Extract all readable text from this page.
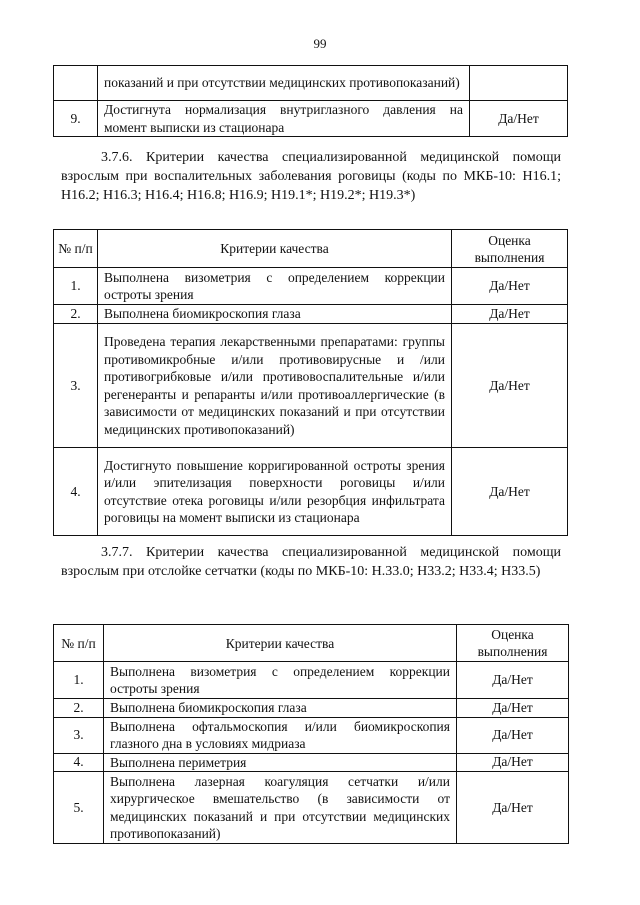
99
	показаний и при отсутствии медицинских противопоказаний)	
9.	Достигнута нормализация внутриглазного давления на момент выписки из стационара	Да/Нет
3.7.6. Критерии качества специализированной медицинской помощи взрослым при воспалительных заболевания роговицы (коды по МКБ-10: H16.1; H16.2; H16.3; H16.4; H16.8; H16.9; H19.1*; H19.2*; H19.3*)
№ п/п	Критерии качества	Оценка выполнения
1.	Выполнена визометрия с определением коррекции остроты зрения	Да/Нет
2.	Выполнена биомикроскопия глаза	Да/Нет
3.	Проведена терапия лекарственными препаратами: группы противомикробные и/или противовирусные и /или противогрибковые и/или противовоспалительные и/или регенеранты и репаранты и/или противоаллергические (в зависимости от медицинских показаний и при отсутствии медицинских противопоказаний)	Да/Нет
4.	Достигнуто повышение корригированной остроты зрения и/или эпителизация поверхности роговицы и/или отсутствие отека роговицы и/или резорбция инфильтрата роговицы на момент выписки из стационара	Да/Нет
3.7.7. Критерии качества специализированной медицинской помощи взрослым при отслойке сетчатки (коды по МКБ-10: H.33.0; H33.2; H33.4; H33.5)
№ п/п	Критерии качества	Оценка выполнения
1.	Выполнена визометрия с определением коррекции остроты зрения	Да/Нет
2.	Выполнена биомикроскопия глаза	Да/Нет
3.	Выполнена офтальмоскопия и/или биомикроскопия глазного дна в условиях мидриаза	Да/Нет
4.	Выполнена периметрия	Да/Нет
5.	Выполнена лазерная коагуляция сетчатки и/или хирургическое вмешательство (в зависимости от медицинских показаний и при отсутствии медицинских противопоказаний)	Да/Нет
